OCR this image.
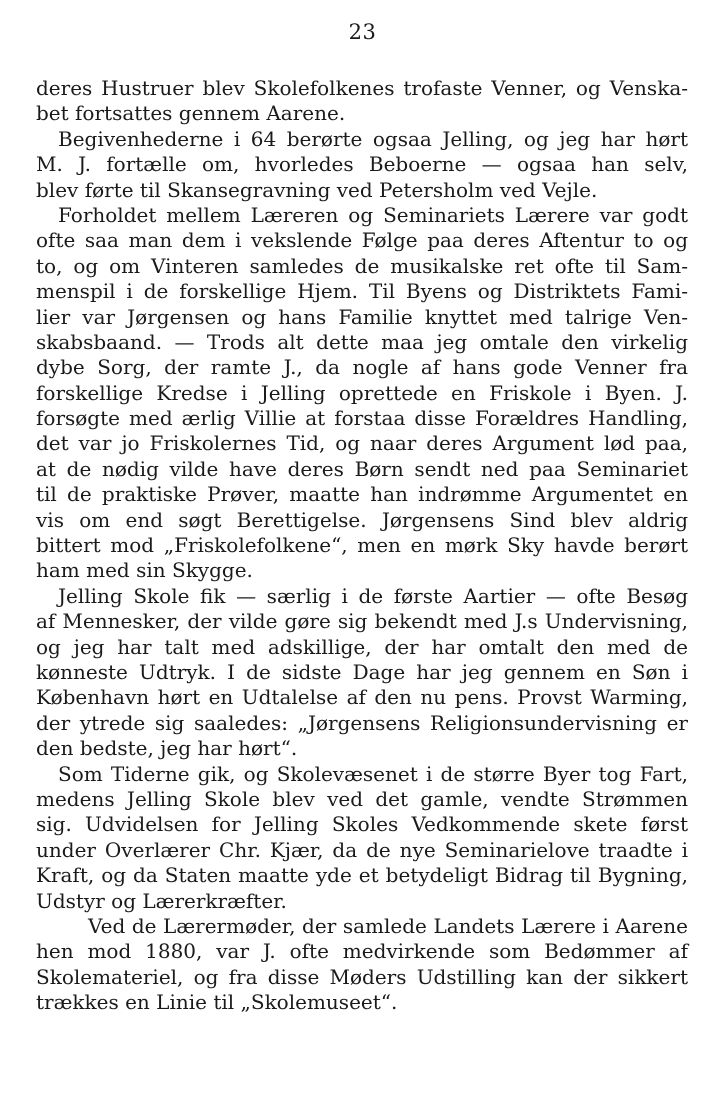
23
deres Hustruer blev Skolefolkenes trofaste Venner, og Venska-
bet fortsattes gennem Aarene.
Begivenhederne i 64 berørte ogsaa Jelling, og jeg har hørt
M. J. fortælle om, hvorledes Beboerne — ogsaa han selv,
blev førte til Skansegravning ved Petersholm ved Vejle.
Forholdet mellem Læreren og Seminariets Lærere var godt
ofte saa man dem i vekslende Følge paa deres Aftentur to og
to, og om Vinteren samledes de musikalske ret ofte til Sam-
menspil i de forskellige Hjem. Til Byens og Distriktets Fami-
lier var Jørgensen og hans Familie knyttet med talrige Ven-
skabsbaand. — Trods alt dette maa jeg omtale den virkelig
dybe Sorg, der ramte J., da nogle af hans gode Venner fra
forskellige Kredse i Jelling oprettede en Friskole i Byen. J.
forsøgte med ærlig Villie at forstaa disse Forældres Handling,
det var jo Friskolernes Tid, og naar deres Argument lød paa,
at de nødig vilde have deres Børn sendt ned paa Seminariet
til de praktiske Prøver, maatte han indrømme Argumentet en
vis om end søgt Berettigelse. Jørgensens Sind blev aldrig
bittert mod „Friskolefolkene“, men en mørk Sky havde berørt
ham med sin Skygge.
Jelling Skole fik — særlig i de første Aartier — ofte Besøg
af Mennesker, der vilde gøre sig bekendt med J.s Undervisning,
og jeg har talt med adskillige, der har omtalt den med de
kønneste Udtryk. I de sidste Dage har jeg gennem en Søn i
København hørt en Udtalelse af den nu pens. Provst Warming,
der ytrede sig saaledes: „Jørgensens Religionsundervisning er
den bedste, jeg har hørt“.
Som Tiderne gik, og Skolevæsenet i de større Byer tog Fart,
medens Jelling Skole blev ved det gamle, vendte Strømmen
sig. Udvidelsen for Jelling Skoles Vedkommende skete først
under Overlærer Chr. Kjær, da de nye Seminarielove traadte i
Kraft, og da Staten maatte yde et betydeligt Bidrag til Bygning,
Udstyr og Lærerkræfter.
Ved de Lærermøder, der samlede Landets Lærere i Aarene
hen mod 1880, var J. ofte medvirkende som Bedømmer af
Skolemateriel, og fra disse Møders Udstilling kan der sikkert
trækkes en Linie til „Skolemuseet“.
